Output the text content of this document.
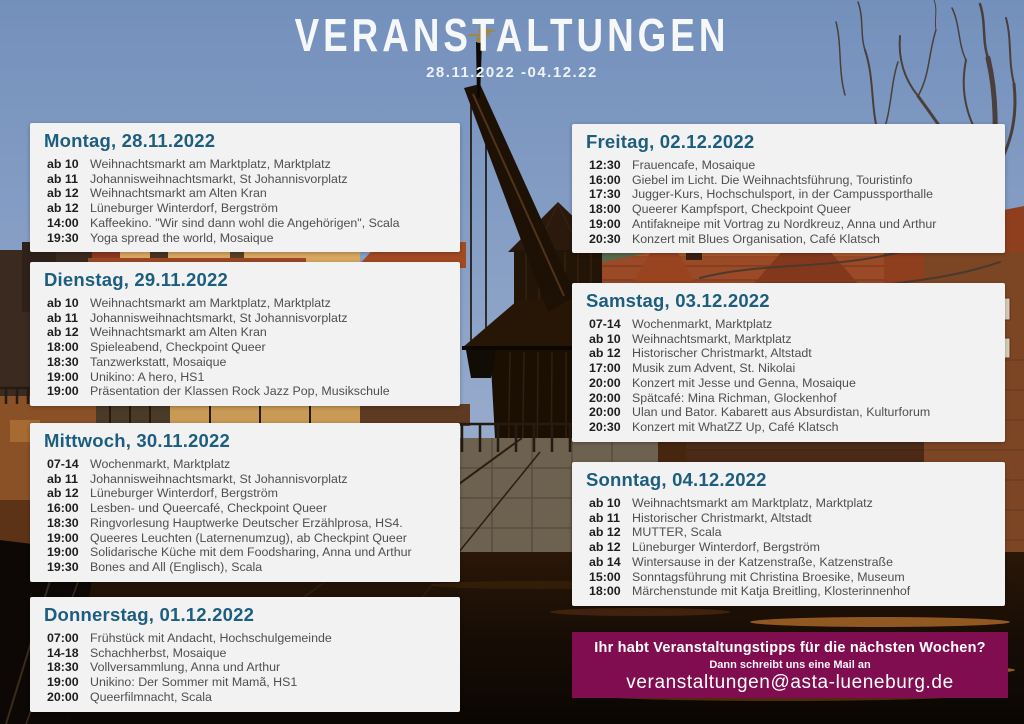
VERANSTALTUNGEN
28.11.2022 -04.12.22
Montag, 28.11.2022
ab 10 Weihnachtsmarkt am Marktplatz, Marktplatz
ab 11 Johannisweihnachtsmarkt, St Johannisvorplatz
ab 12 Weihnachtsmarkt am Alten Kran
ab 12 Lüneburger Winterdorf, Bergström
14:00 Kaffeekino. "Wir sind dann wohl die Angehörigen", Scala
19:30 Yoga spread the world, Mosaique
Dienstag, 29.11.2022
ab 10 Weihnachtsmarkt am Marktplatz, Marktplatz
ab 11 Johannisweihnachtsmarkt, St Johannisvorplatz
ab 12 Weihnachtsmarkt am Alten Kran
18:00 Spieleabend, Checkpoint Queer
18:30 Tanzwerkstatt, Mosaique
19:00 Unikino: A hero, HS1
19:00 Präsentation der Klassen Rock Jazz Pop, Musikschule
Mittwoch, 30.11.2022
07-14 Wochenmarkt, Marktplatz
ab 11 Johannisweihnachtsmarkt, St Johannisvorplatz
ab 12 Lüneburger Winterdorf, Bergström
16:00 Lesben- und Queercafé, Checkpoint Queer
18:30 Ringvorlesung Hauptwerke Deutscher Erzählprosa, HS4.
19:00 Queeres Leuchten (Laternenumzug), ab Checkpint Queer
19:00 Solidarische Küche mit dem Foodsharing, Anna und Arthur
19:30 Bones and All (Englisch), Scala
Donnerstag, 01.12.2022
07:00 Frühstück mit Andacht, Hochschulgemeinde
14-18 Schachherbst, Mosaique
18:30 Vollversammlung, Anna und Arthur
19:00 Unikino: Der Sommer mit Mamã, HS1
20:00 Queerfilmnacht, Scala
Freitag, 02.12.2022
12:30 Frauencafe, Mosaique
16:00 Giebel im Licht. Die Weihnachtsführung, Touristinfo
17:30 Jugger-Kurs, Hochschulsport, in der Campussporthalle
18:00 Queerer Kampfsport, Checkpoint Queer
19:00 Antifakneipe mit Vortrag zu Nordkreuz, Anna und Arthur
20:30 Konzert mit Blues Organisation, Café Klatsch
Samstag, 03.12.2022
07-14 Wochenmarkt, Marktplatz
ab 10 Weihnachtsmarkt, Marktplatz
ab 12 Historischer Christmarkt, Altstadt
17:00 Musik zum Advent, St. Nikolai
20:00 Konzert mit Jesse und Genna, Mosaique
20:00 Spätcafé: Mina Richman, Glockenhof
20:00 Ulan und Bator. Kabarett aus Absurdistan, Kulturforum
20:30 Konzert mit WhatZZ Up, Café Klatsch
Sonntag, 04.12.2022
ab 10 Weihnachtsmarkt am Marktplatz, Marktplatz
ab 11 Historischer Christmarkt, Altstadt
ab 12 MUTTER, Scala
ab 12 Lüneburger Winterdorf, Bergström
ab 14 Wintersause in der Katzenstraße, Katzenstraße
15:00 Sonntagsführung mit Christina Broesike, Museum
18:00 Märchenstunde mit Katja Breitling, Klosterinnenhof
Ihr habt Veranstaltungstipps für die nächsten Wochen?
Dann schreibt uns eine Mail an
veranstaltungen@asta-lueneburg.de
